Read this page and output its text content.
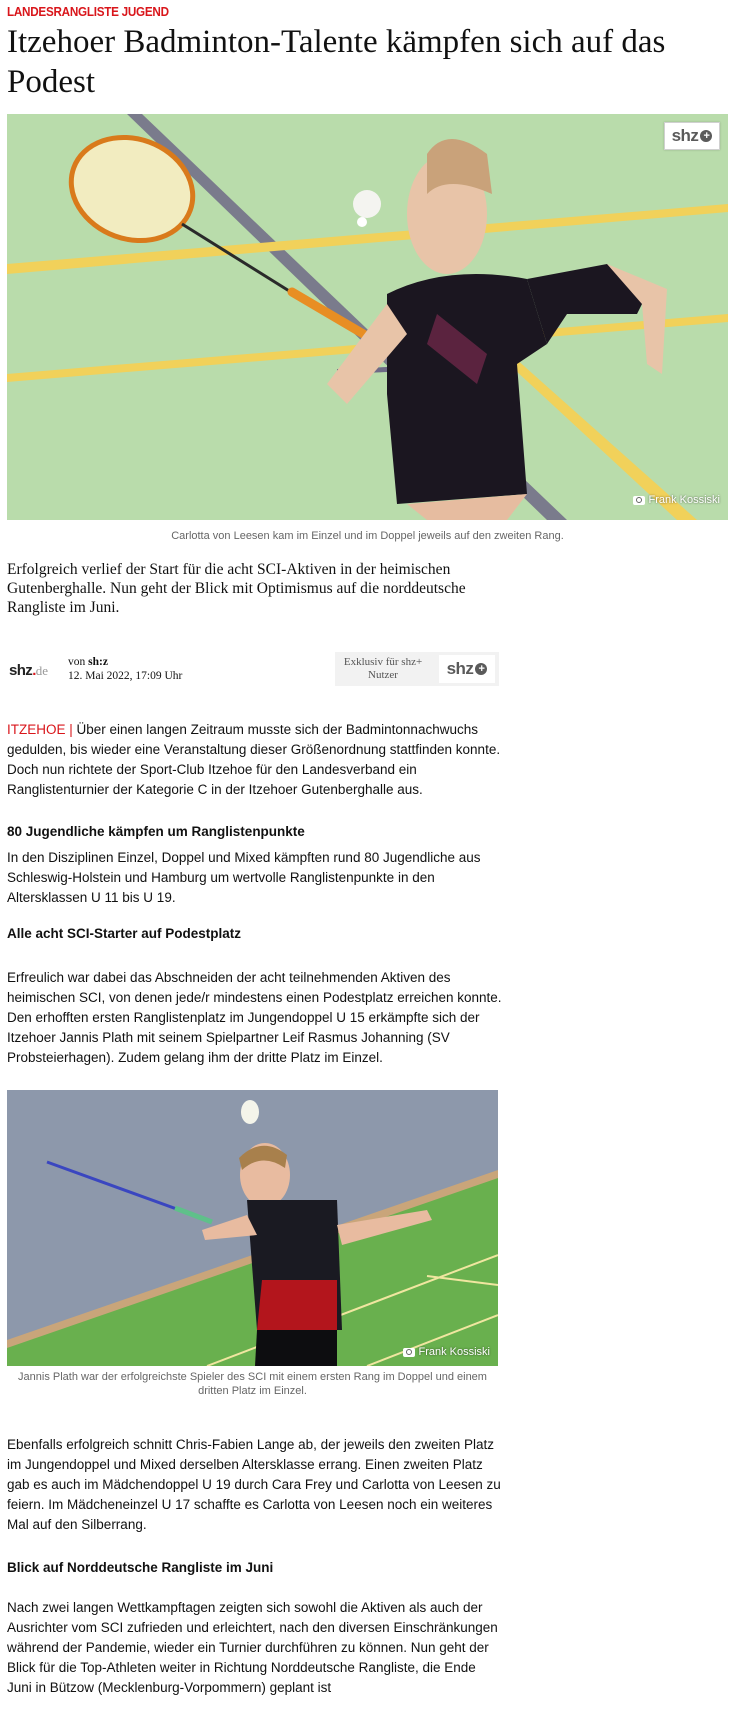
LANDESRANGLISTE JUGEND
Itzehoer Badminton-Talente kämpfen sich auf das Podest
shz +
Frank Kossiski
Carlotta von Leesen kam im Einzel und im Doppel jeweils auf den zweiten Rang.

Erfolgreich verlief der Start für die acht SCI-Aktiven in der heimischen Gutenberghalle. Nun geht der Blick mit Optimismus auf die norddeutsche Rangliste im Juni.

shz.de
von sh:z
12. Mai 2022, 17:09 Uhr
Exklusiv für shz+ Nutzer	shz +

ITZEHOE | Über einen langen Zeitraum musste sich der Badmintonnachwuchs gedulden, bis wieder eine Veranstaltung dieser Größenordnung stattfinden konnte. Doch nun richtete der Sport-Club Itzehoe für den Landesverband ein Ranglistenturnier der Kategorie C in der Itzehoer Gutenberghalle aus.

80 Jugendliche kämpfen um Ranglistenpunkte

In den Disziplinen Einzel, Doppel und Mixed kämpften rund 80 Jugendliche aus Schleswig-Holstein und Hamburg um wertvolle Ranglistenpunkte in den Altersklassen U 11 bis U 19.

Alle acht SCI-Starter auf Podestplatz

Erfreulich war dabei das Abschneiden der acht teilnehmenden Aktiven des heimischen SCI, von denen jede/r mindestens einen Podestplatz erreichen konnte. Den erhofften ersten Ranglistenplatz im Jungendoppel U 15 erkämpfte sich der Itzehoer Jannis Plath mit seinem Spielpartner Leif Rasmus Johanning (SV Probsteierhagen). Zudem gelang ihm der dritte Platz im Einzel.

Frank Kossiski
Jannis Plath war der erfolgreichste Spieler des SCI mit einem ersten Rang im Doppel und einem dritten Platz im Einzel.

Ebenfalls erfolgreich schnitt Chris-Fabien Lange ab, der jeweils den zweiten Platz im Jungendoppel und Mixed derselben Altersklasse errang. Einen zweiten Platz gab es auch im Mädchendoppel U 19 durch Cara Frey und Carlotta von Leesen zu feiern. Im Mädcheneinzel U 17 schaffte es Carlotta von Leesen noch ein weiteres Mal auf den Silberrang.

Blick auf Norddeutsche Rangliste im Juni

Nach zwei langen Wettkampftagen zeigten sich sowohl die Aktiven als auch der Ausrichter vom SCI zufrieden und erleichtert, nach den diversen Einschränkungen während der Pandemie, wieder ein Turnier durchführen zu können. Nun geht der Blick für die Top-Athleten weiter in Richtung Norddeutsche Rangliste, die Ende Juni in Bützow (Mecklenburg-Vorpommern) geplant ist
